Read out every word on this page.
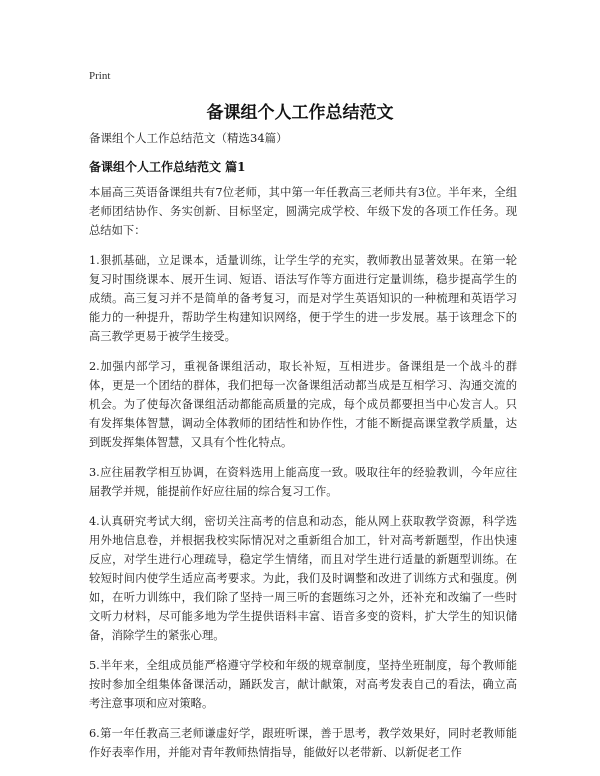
Print
备课组个人工作总结范文
备课组个人工作总结范文（精选34篇）
备课组个人工作总结范文 篇1

本届高三英语备课组共有7位老师，其中第一年任教高三老师共有3位。半年来，全组老师团结协作、务实创新、目标坚定，圆满完成学校、年级下发的各项工作任务。现总结如下：

1.狠抓基础，立足课本，适量训练，让学生学的充实，教师教出显著效果。在第一轮复习时围绕课本、展开生词、短语、语法写作等方面进行定量训练，稳步提高学生的成绩。高三复习并不是简单的备考复习，而是对学生英语知识的一种梳理和英语学习能力的一种提升，帮助学生构建知识网络，便于学生的进一步发展。基于该理念下的高三教学更易于被学生接受。

2.加强内部学习，重视备课组活动，取长补短，互相进步。备课组是一个战斗的群体，更是一个团结的群体，我们把每一次备课组活动都当成是互相学习、沟通交流的机会。为了使每次备课组活动都能高质量的完成，每个成员都要担当中心发言人。只有发挥集体智慧，调动全体教师的团结性和协作性，才能不断提高课堂教学质量，达到既发挥集体智慧，又具有个性化特点。

3.应往届教学相互协调，在资料选用上能高度一致。吸取往年的经验教训，今年应往届教学并规，能提前作好应往届的综合复习工作。

4.认真研究考试大纲，密切关注高考的信息和动态，能从网上获取教学资源，科学选用外地信息卷，并根据我校实际情况对之重新组合加工，针对高考新题型，作出快速反应，对学生进行心理疏导，稳定学生情绪，而且对学生进行适量的新题型训练。在较短时间内使学生适应高考要求。为此，我们及时调整和改进了训练方式和强度。例如，在听力训练中，我们除了坚持一周三听的套题练习之外，还补充和改编了一些时文听力材料，尽可能多地为学生提供语料丰富、语音多变的资料，扩大学生的知识储备，消除学生的紧张心理。

5.半年来，全组成员能严格遵守学校和年级的规章制度，坚持坐班制度，每个教师能按时参加全组集体备课活动，踊跃发言，献计献策，对高考发表自己的看法，确立高考注意事项和应对策略。

6.第一年任教高三老师谦虚好学，跟班听课，善于思考，教学效果好，同时老教师能作好表率作用，并能对青年教师热情指导，能做好以老带新、以新促老工作
